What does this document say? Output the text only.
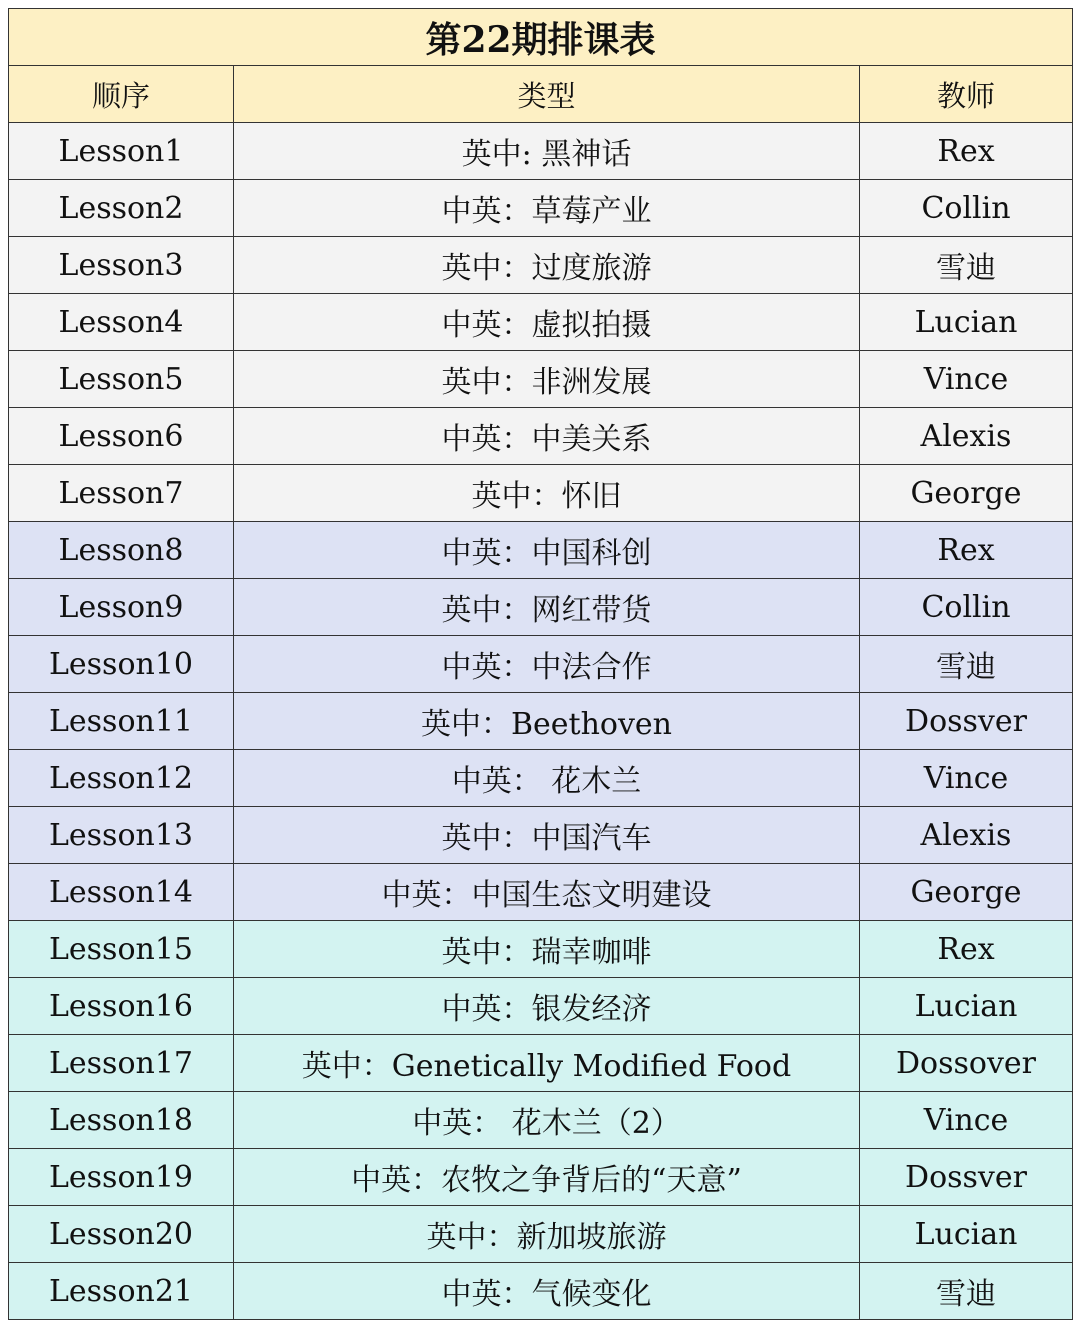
第22期排课表		
顺序	类型	教师
Lesson1	英中: 黑神话	Rex
Lesson2	中英：草莓产业	Collin
Lesson3	英中：过度旅游	雪迪
Lesson4	中英：虚拟拍摄	Lucian
Lesson5	英中：非洲发展	Vince
Lesson6	中英：中美关系	Alexis
Lesson7	英中：怀旧	George
Lesson8	中英：中国科创	Rex
Lesson9	英中：网红带货	Collin
Lesson10	中英：中法合作	雪迪
Lesson11	英中：Beethoven	Dossver
Lesson12	中英： 花木兰	Vince
Lesson13	英中：中国汽车	Alexis
Lesson14	中英：中国生态文明建设	George
Lesson15	英中：瑞幸咖啡	Rex
Lesson16	中英：银发经济	Lucian
Lesson17	英中：Genetically Modified Food	Dossover
Lesson18	中英： 花木兰（2）	Vince
Lesson19	中英：农牧之争背后的“天意”	Dossver
Lesson20	英中：新加坡旅游	Lucian
Lesson21	中英：气候变化	雪迪
